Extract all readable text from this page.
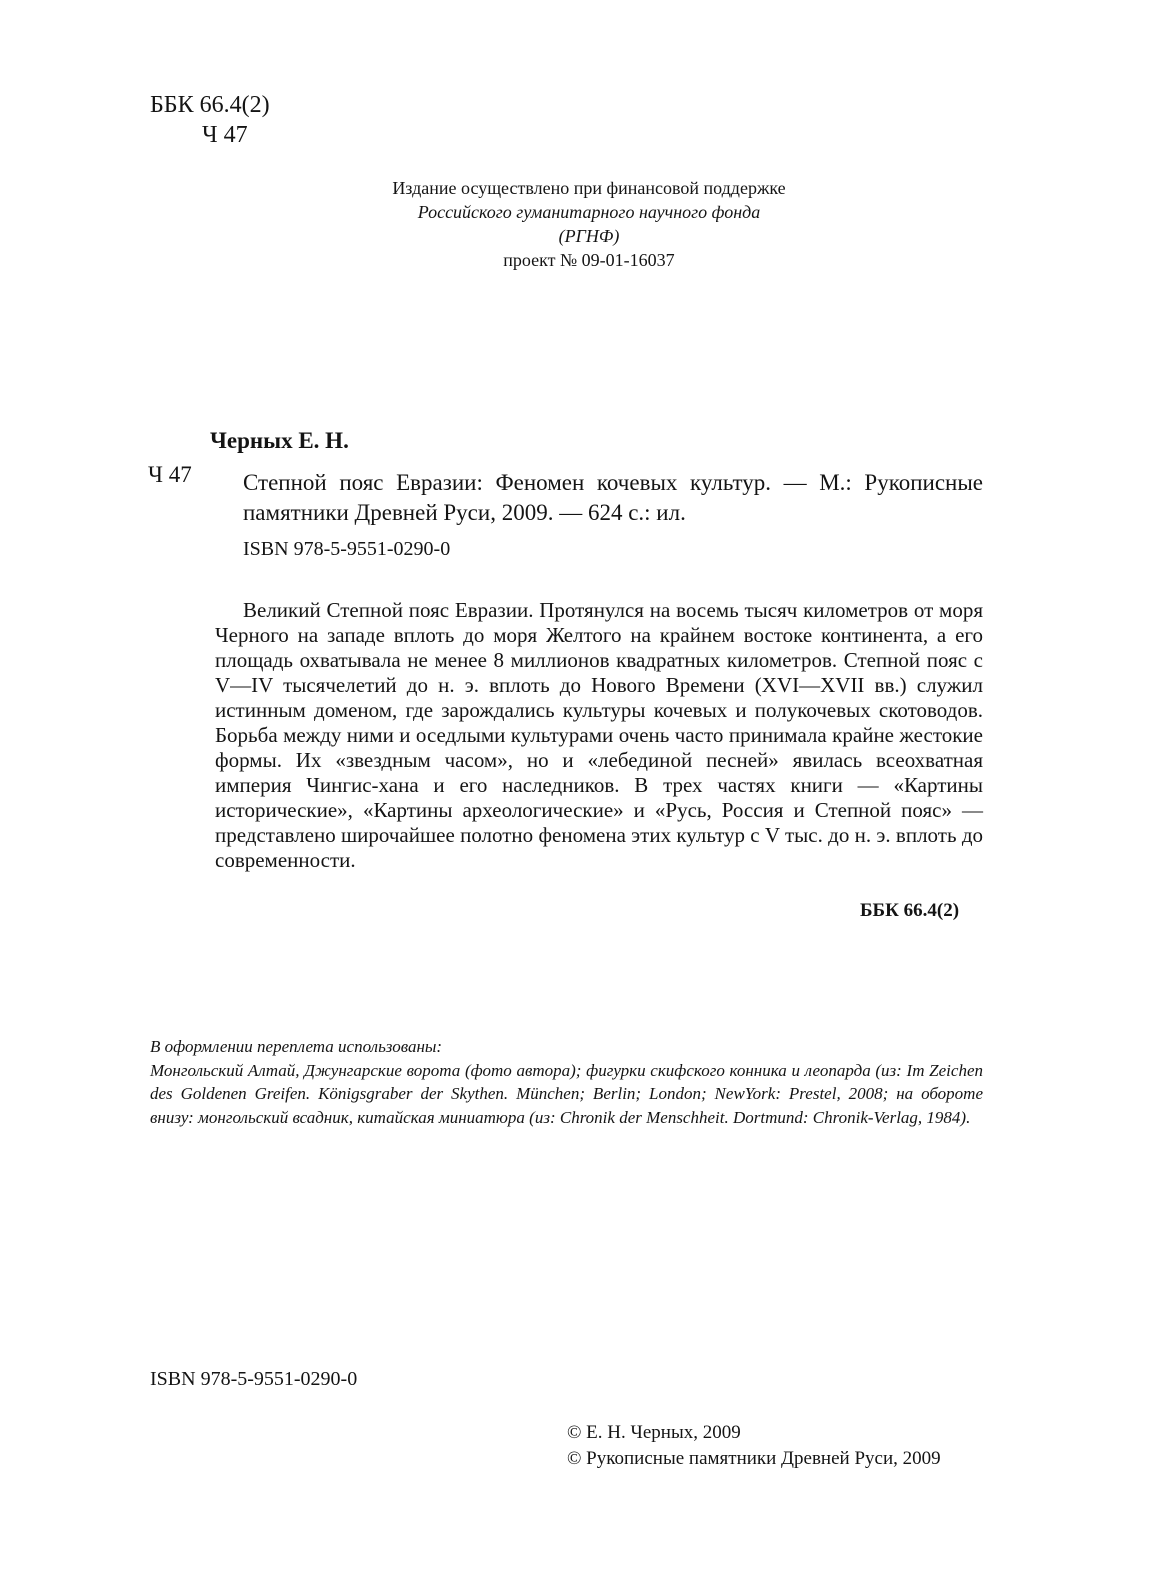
ББК 66.4(2)
Ч 47
Издание осуществлено при финансовой поддержке
Российского гуманитарного научного фонда
(РГНФ)
проект № 09-01-16037
Черных Е. Н.
Ч 47 Степной пояс Евразии: Феномен кочевых культур. — М.: Рукописные памятники Древней Руси, 2009. — 624 с.: ил.
ISBN 978-5-9551-0290-0

Великий Степной пояс Евразии. Протянулся на восемь тысяч километров от моря Черного на западе вплоть до моря Желтого на крайнем востоке континента, а его площадь охватывала не менее 8 миллионов квадратных километров. Степной пояс с V—IV тысячелетий до н. э. вплоть до Нового Времени (XVI—XVII вв.) служил истинным доменом, где зарождались культуры кочевых и полукочевых скотоводов. Борьба между ними и оседлыми культурами очень часто принимала крайне жестокие формы. Их «звездным часом», но и «лебединой песней» явилась всеохватная империя Чингис-хана и его наследников. В трех частях книги — «Картины исторические», «Картины археологические» и «Русь, Россия и Степной пояс» — представлено широчайшее полотно феномена этих культур с V тыс. до н. э. вплоть до современности.

ББК 66.4(2)

В оформлении переплета использованы:

Монгольский Алтай, Джунгарские ворота (фото автора); фигурки скифского конника и леопарда (из: Im Zeichen des Goldenen Greifen. Königsgraber der Skythen. München; Berlin; London; NewYork: Prestel, 2008; на обороте внизу: монгольский всадник, китайская миниатюра (из: Chronik der Menschheit. Dortmund: Chronik-Verlag, 1984).

ISBN 978-5-9551-0290-0
© Е. Н. Черных, 2009
© Рукописные памятники Древней Руси, 2009
